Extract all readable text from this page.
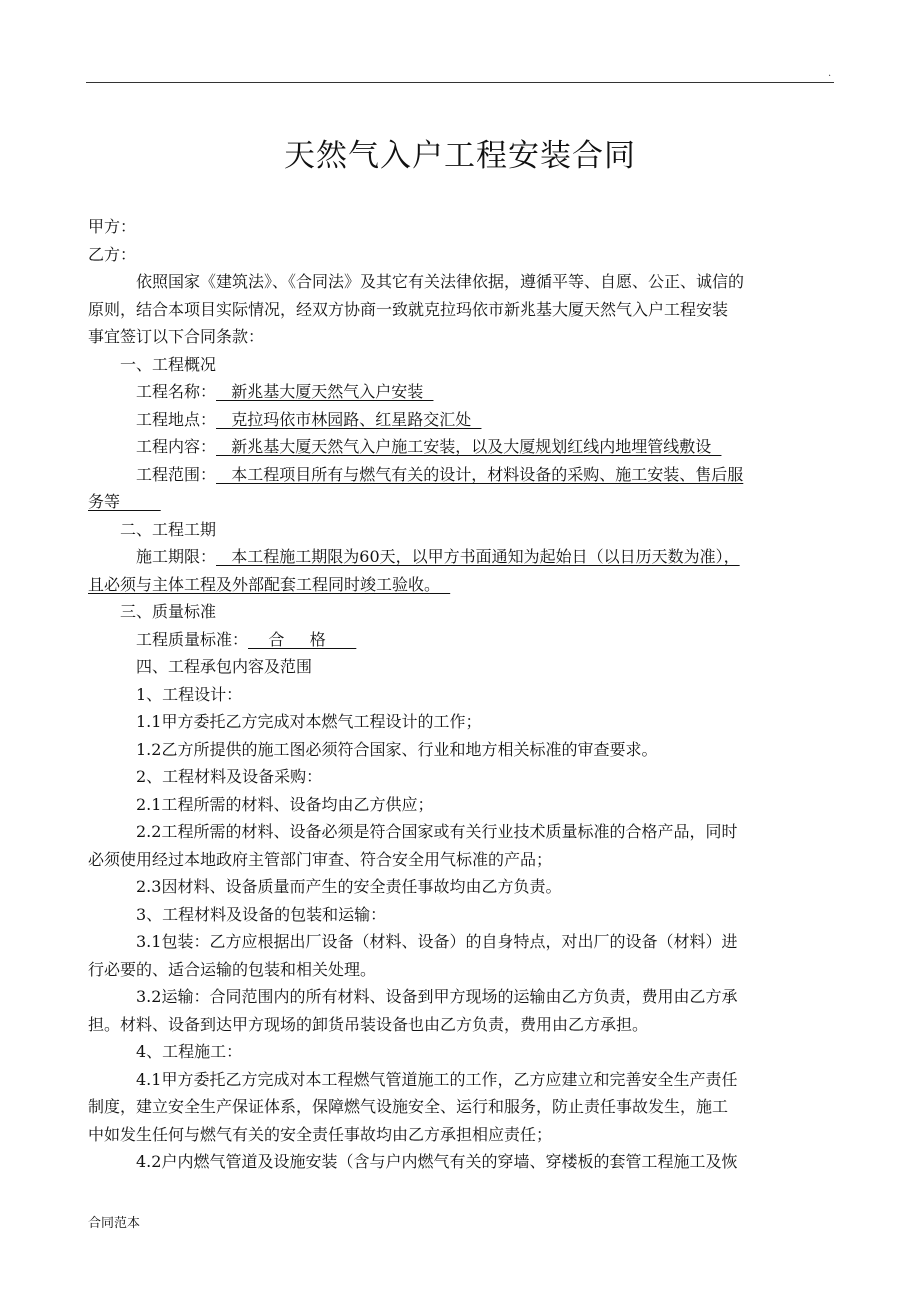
.
天然气入户工程安装合同
甲方：
乙方：
依照国家《建筑法》、《合同法》及其它有关法律依据，遵循平等、自愿、公正、诚信的
原则，结合本项目实际情况，经双方协商一致就克拉玛依市新兆基大厦天然气入户工程安装
事宜签订以下合同条款：
一、工程概况
工程名称：   新兆基大厦天然气入户安装
工程地点：   克拉玛依市林园路、红星路交汇处
工程内容：   新兆基大厦天然气入户施工安装，以及大厦规划红线内地埋管线敷设
工程范围：   本工程项目所有与燃气有关的设计，材料设备的采购、施工安装、售后服
务等
二、工程工期
施工期限：   本工程施工期限为60天，以甲方书面通知为起始日（以日历天数为准），
且必须与主体工程及外部配套工程同时竣工验收。
三、质量标准
工程质量标准：    合     格
四、工程承包内容及范围
1、工程设计：
1.1甲方委托乙方完成对本燃气工程设计的工作；
1.2乙方所提供的施工图必须符合国家、行业和地方相关标准的审查要求。
2、工程材料及设备采购：
2.1工程所需的材料、设备均由乙方供应；
2.2工程所需的材料、设备必须是符合国家或有关行业技术质量标准的合格产品，同时
必须使用经过本地政府主管部门审查、符合安全用气标准的产品；
2.3因材料、设备质量而产生的安全责任事故均由乙方负责。
3、工程材料及设备的包装和运输：
3.1包装：乙方应根据出厂设备（材料、设备）的自身特点，对出厂的设备（材料）进
行必要的、适合运输的包装和相关处理。
3.2运输：合同范围内的所有材料、设备到甲方现场的运输由乙方负责，费用由乙方承
担。材料、设备到达甲方现场的卸货吊装设备也由乙方负责，费用由乙方承担。
4、工程施工：
4.1甲方委托乙方完成对本工程燃气管道施工的工作，乙方应建立和完善安全生产责任
制度，建立安全生产保证体系，保障燃气设施安全、运行和服务，防止责任事故发生，施工
中如发生任何与燃气有关的安全责任事故均由乙方承担相应责任；
4.2户内燃气管道及设施安装（含与户内燃气有关的穿墙、穿楼板的套管工程施工及恢
合同范本
